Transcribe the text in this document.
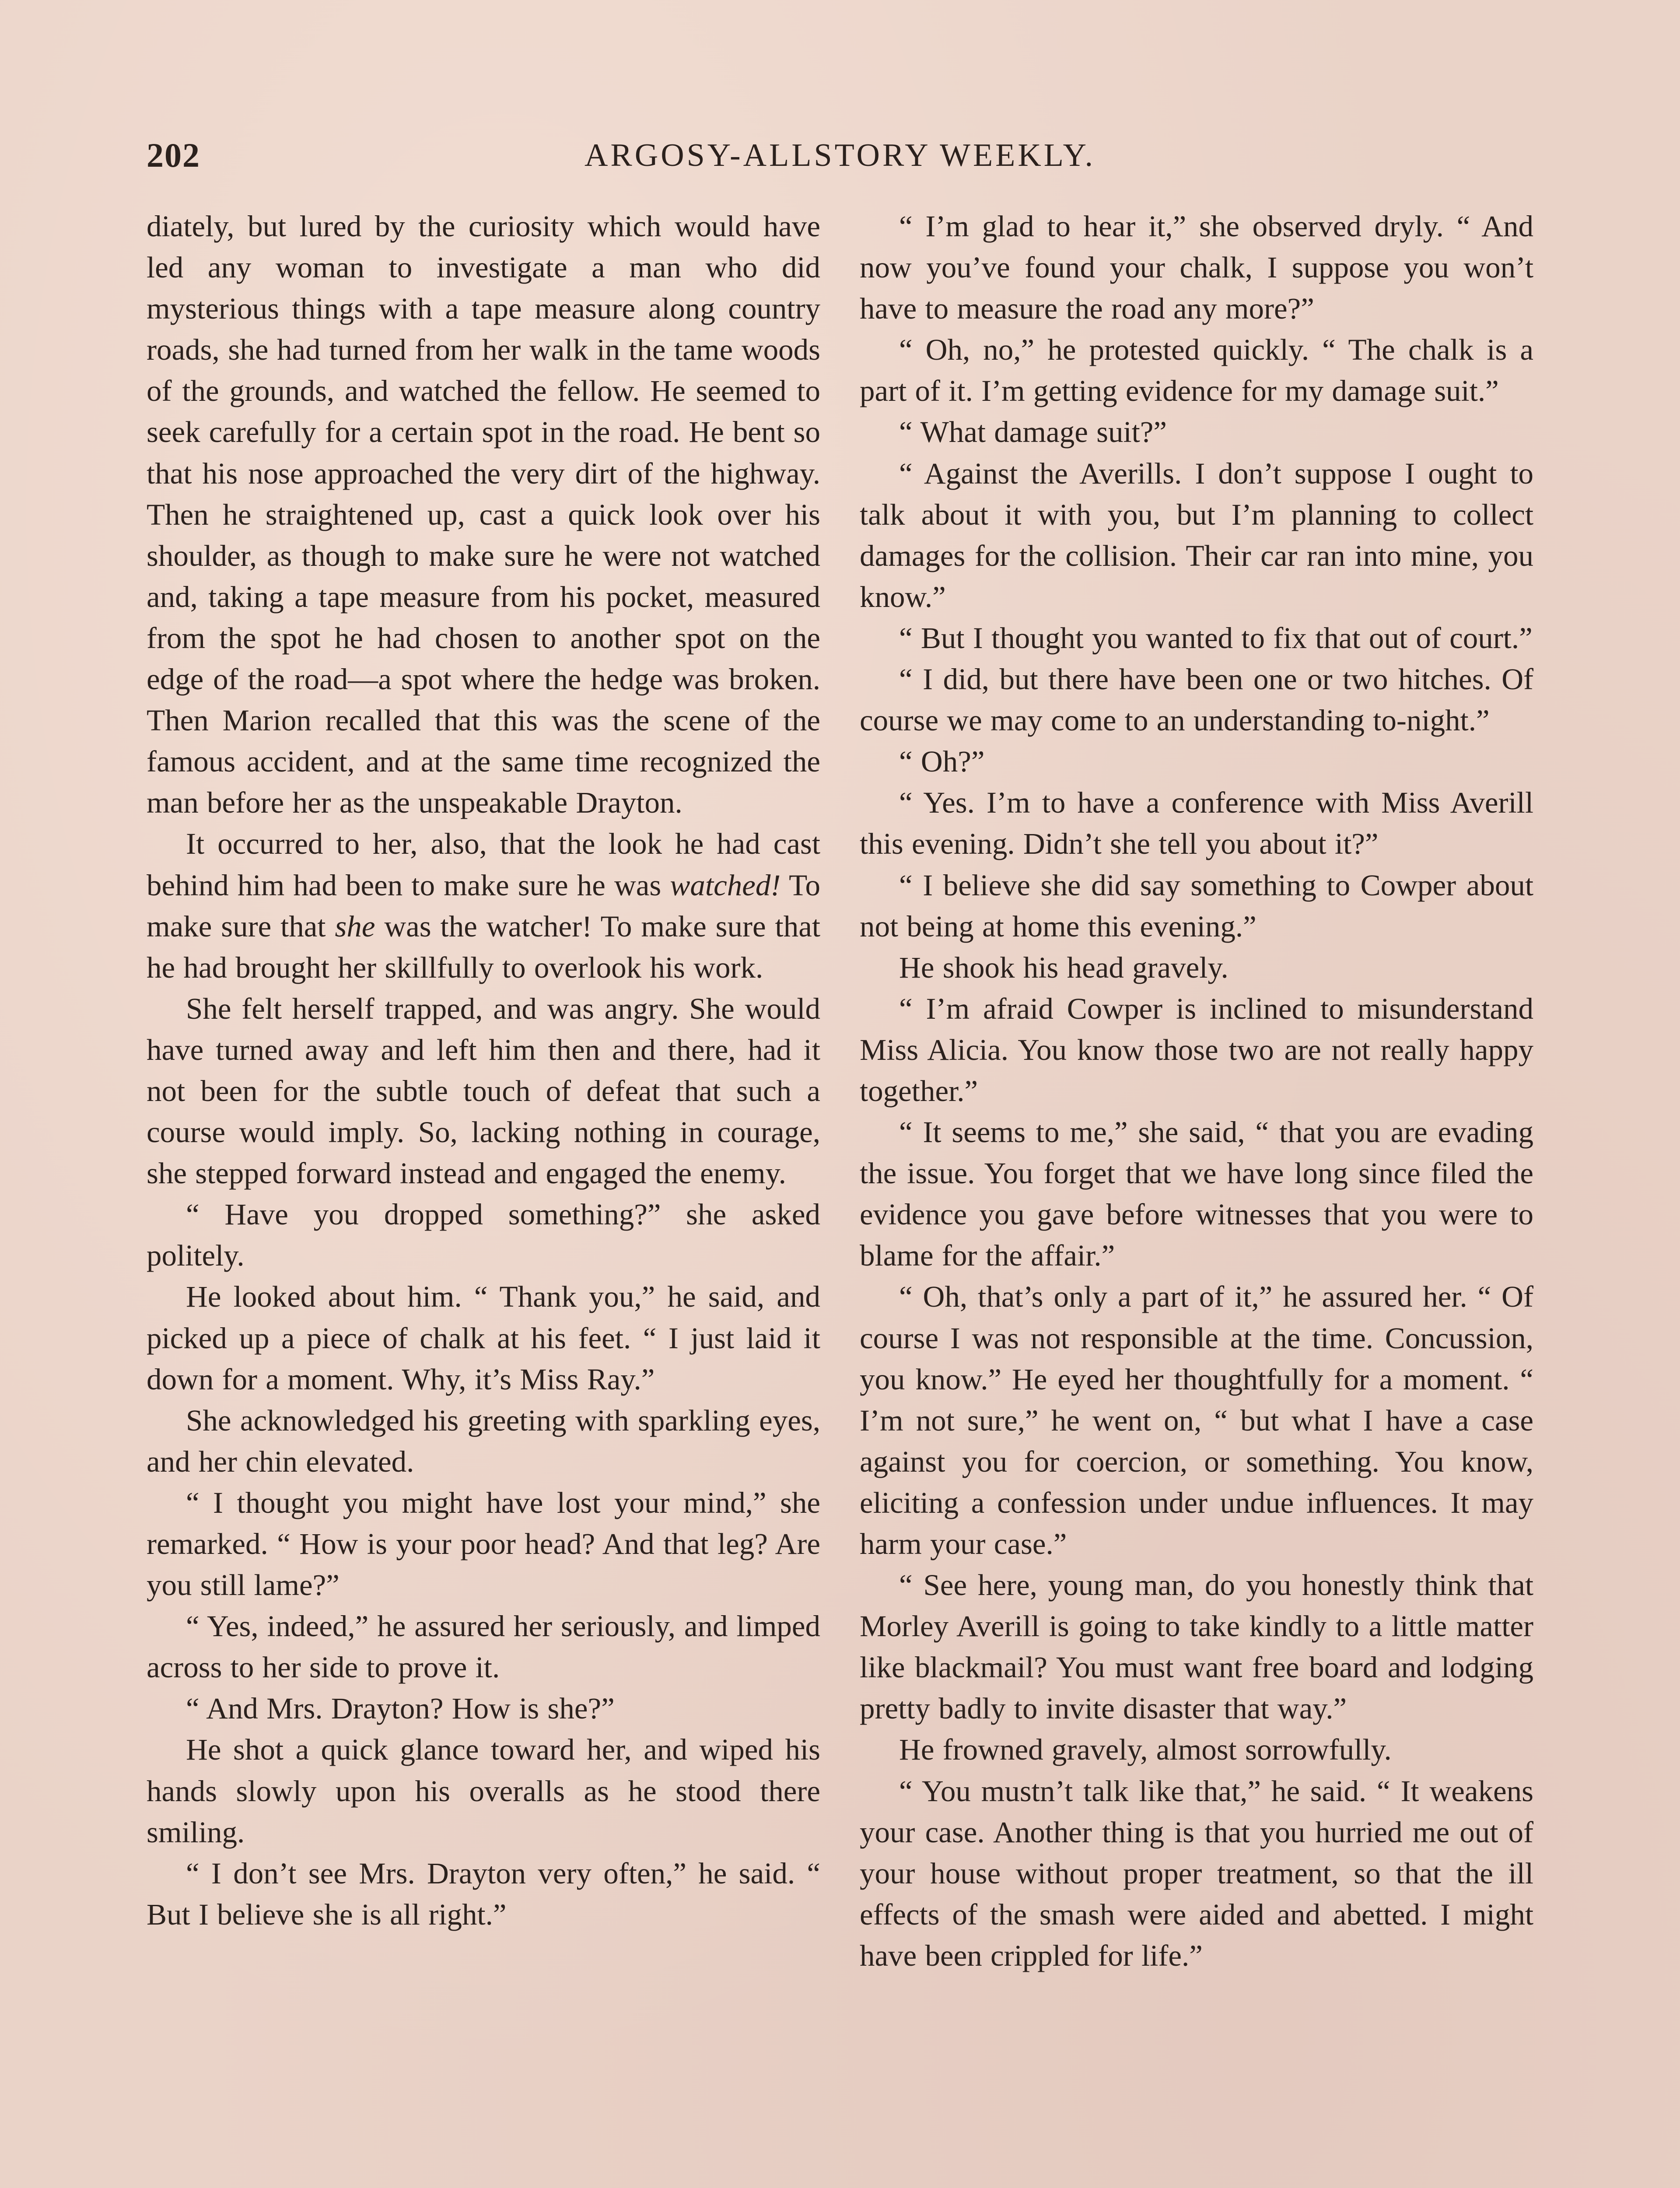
202	ARGOSY-ALLSTORY WEEKLY.

diately, but lured by the curiosity which would have led any woman to investigate a man who did mysterious things with a tape measure along country roads, she had turned from her walk in the tame woods of the grounds, and watched the fellow. He seemed to seek carefully for a certain spot in the road. He bent so that his nose approached the very dirt of the highway. Then he straightened up, cast a quick look over his shoulder, as though to make sure he were not watched and, taking a tape measure from his pocket, measured from the spot he had chosen to another spot on the edge of the road—a spot where the hedge was broken. Then Marion recalled that this was the scene of the famous accident, and at the same time recognized the man before her as the unspeakable Drayton.

It occurred to her, also, that the look he had cast behind him had been to make sure he was watched! To make sure that she was the watcher! To make sure that he had brought her skillfully to overlook his work.

She felt herself trapped, and was angry. She would have turned away and left him then and there, had it not been for the subtle touch of defeat that such a course would imply. So, lacking nothing in courage, she stepped forward instead and engaged the enemy.

“ Have you dropped something?” she asked politely.

He looked about him. “ Thank you,” he said, and picked up a piece of chalk at his feet. “ I just laid it down for a moment. Why, it’s Miss Ray.”

She acknowledged his greeting with sparkling eyes, and her chin elevated.

“ I thought you might have lost your mind,” she remarked. “ How is your poor head? And that leg? Are you still lame?”

“ Yes, indeed,” he assured her seriously, and limped across to her side to prove it.

“ And Mrs. Drayton? How is she?”

He shot a quick glance toward her, and wiped his hands slowly upon his overalls as he stood there smiling.

“ I don’t see Mrs. Drayton very often,” he said. “ But I believe she is all right.”

“ I’m glad to hear it,” she observed dryly. “ And now you’ve found your chalk, I suppose you won’t have to measure the road any more?”

“ Oh, no,” he protested quickly. “ The chalk is a part of it. I’m getting evidence for my damage suit.”

“ What damage suit?”

“ Against the Averills. I don’t suppose I ought to talk about it with you, but I’m planning to collect damages for the collision. Their car ran into mine, you know.”

“ But I thought you wanted to fix that out of court.”

“ I did, but there have been one or two hitches. Of course we may come to an understanding to-night.”

“ Oh?”

“ Yes. I’m to have a conference with Miss Averill this evening. Didn’t she tell you about it?”

“ I believe she did say something to Cowper about not being at home this evening.”

He shook his head gravely.

“ I’m afraid Cowper is inclined to misunderstand Miss Alicia. You know those two are not really happy together.”

“ It seems to me,” she said, “ that you are evading the issue. You forget that we have long since filed the evidence you gave before witnesses that you were to blame for the affair.”

“ Oh, that’s only a part of it,” he assured her. “ Of course I was not responsible at the time. Concussion, you know.” He eyed her thoughtfully for a moment. “ I’m not sure,” he went on, “ but what I have a case against you for coercion, or something. You know, eliciting a confession under undue influences. It may harm your case.”

“ See here, young man, do you honestly think that Morley Averill is going to take kindly to a little matter like blackmail? You must want free board and lodging pretty badly to invite disaster that way.”

He frowned gravely, almost sorrowfully.

“ You mustn’t talk like that,” he said. “ It weakens your case. Another thing is that you hurried me out of your house without proper treatment, so that the ill effects of the smash were aided and abetted. I might have been crippled for life.”
